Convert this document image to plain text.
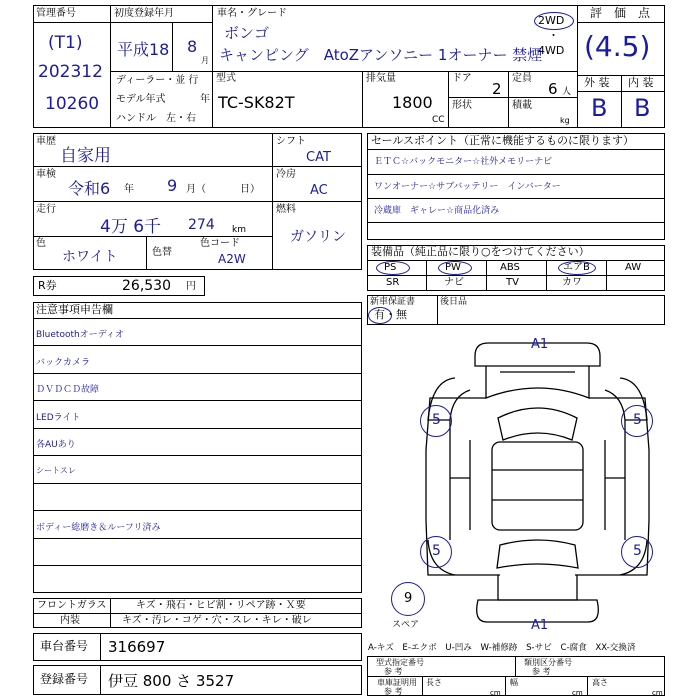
管理番号
(T1)
202312
10260
初度登録年月
平成18 8
月
ディーラー・並 行
モデル年式	年
ハンドル　左・右
車名・グレード
ボンゴ
キャンピング　AtoZアンソニー 1オーナー 禁煙
2WD
・
4WD
型式
TC-SK82T
排気量
1800
CC
ドア
2
定員
6 人
形状	積載
kg
評　価　点
(4.5)
外 装 内 装
B B
車歴
自家用
車検
令和6 年 9 月（	日）
走行
4万 6千 274 km
色
ホワイト	色替
色コード
A2W
シフト
CAT
冷房
AC
燃料
ガソリン
R券	26,530 円
セールスポイント（正常に機能するものに限ります）
ＥＴＣ☆バックモニター☆社外メモリーナビ
ワンオーナー☆サブバッテリー　インバーター
冷蔵庫　ギャレー☆商品化済み
装備品（純正品に限り○をつけてください）
PS	PW	ABS	エアB	AW
SR	ナビ	TV	カワ
新車保証書
有・無
後日品
注意事項申告欄
Bluetoothオーディオ
バックカメラ
ＤＶＤＣＤ故障
LEDライト
各AUあり
シートスレ
ボディー総磨き＆ルーフリ済み
A1
A1
5	5
5	5
9
スペア
フロントガラス	キズ・飛石・ヒビ割・リペア跡・Ｘ要
内装	キズ・汚レ・コゲ・穴・スレ・キレ・破レ
車台番号 316697
登録番号 伊豆 800 さ 3527
A-キズ　E-エクボ　U-凹み　W-補修跡　S-サビ　C-腐食　XX-交換済
型式指定番号
参 考
類別区分番号
参 考
車庫証明用
参 考
長さ
cm
幅
cm
高さ
cm
